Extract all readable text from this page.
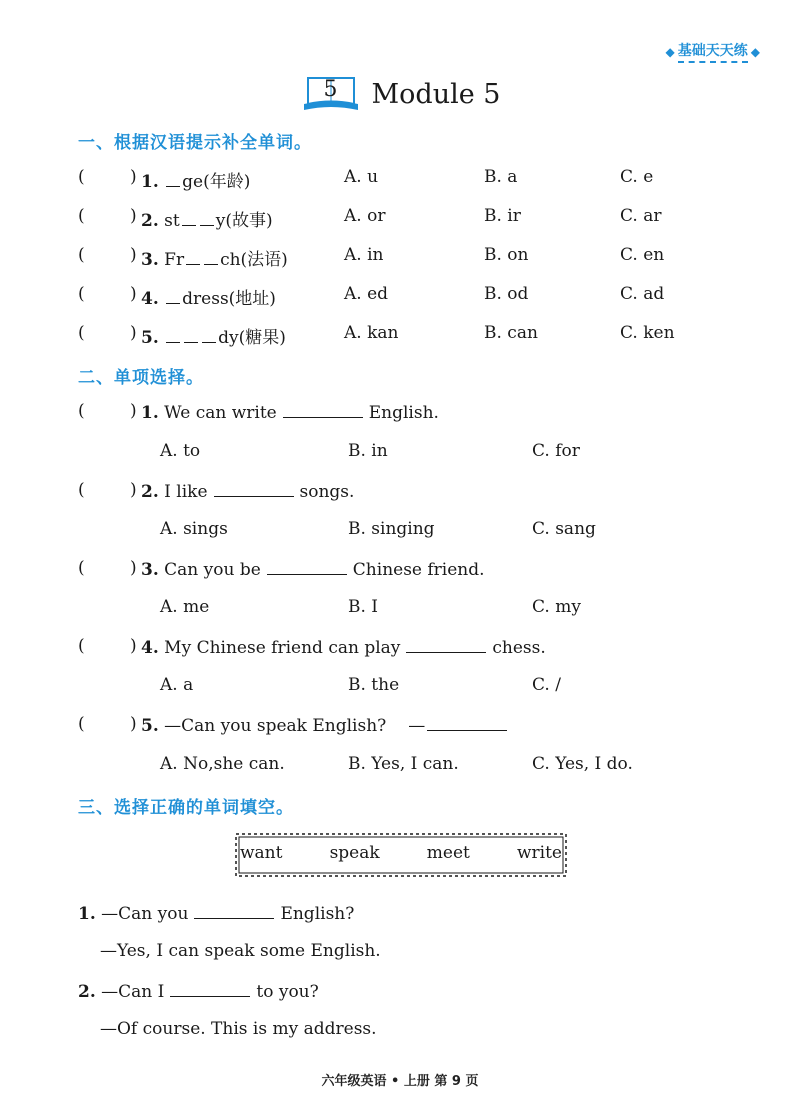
◆ 基础天天练 ◆
5	Module 5
一、根据汉语提示补全单词。
(	) 1. ge(年龄)	A. u	B. a	C. e
(	) 2. st y(故事)	A. or	B. ir	C. ar
(	) 3. Fr ch(法语)	A. in	B. on	C. en
(	) 4. dress(地址)	A. ed	B. od	C. ad
(	) 5.	dy(糖果)	A. kan	B. can	C. ken
二、单项选择。
(	) 1. We can write	English.
A. to	B. in	C. for
(	) 2. I like	songs.
A. sings	B. singing	C. sang
(	) 3. Can you be	Chinese friend.
A. me	B. I	C. my
(	) 4. My Chinese friend can play	chess.
A. a	B. the	C. /
(	) 5. —Can you speak English? —
A. No,she can.	B. Yes, I can.	C. Yes, I do.
三、选择正确的单词填空。
want	speak	meet	write
1. —Can you	English?
—Yes, I can speak some English.
2. —Can I	to you?
—Of course. This is my address.
六年级英语 • 上册 第 9 页
